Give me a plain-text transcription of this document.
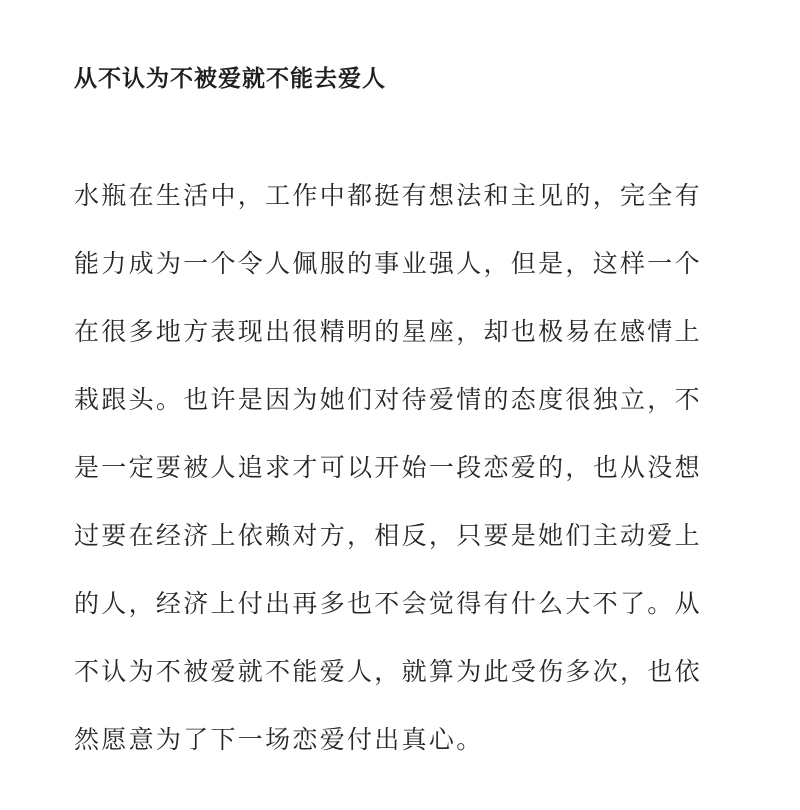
从不认为不被爱就不能去爱人
水瓶在生活中，工作中都挺有想法和主见的，完全有
能力成为一个令人佩服的事业强人，但是，这样一个
在很多地方表现出很精明的星座，却也极易在感情上
栽跟头。也许是因为她们对待爱情的态度很独立，不
是一定要被人追求才可以开始一段恋爱的，也从没想
过要在经济上依赖对方，相反，只要是她们主动爱上
的人，经济上付出再多也不会觉得有什么大不了。从
不认为不被爱就不能爱人，就算为此受伤多次，也依
然愿意为了下一场恋爱付出真心。
